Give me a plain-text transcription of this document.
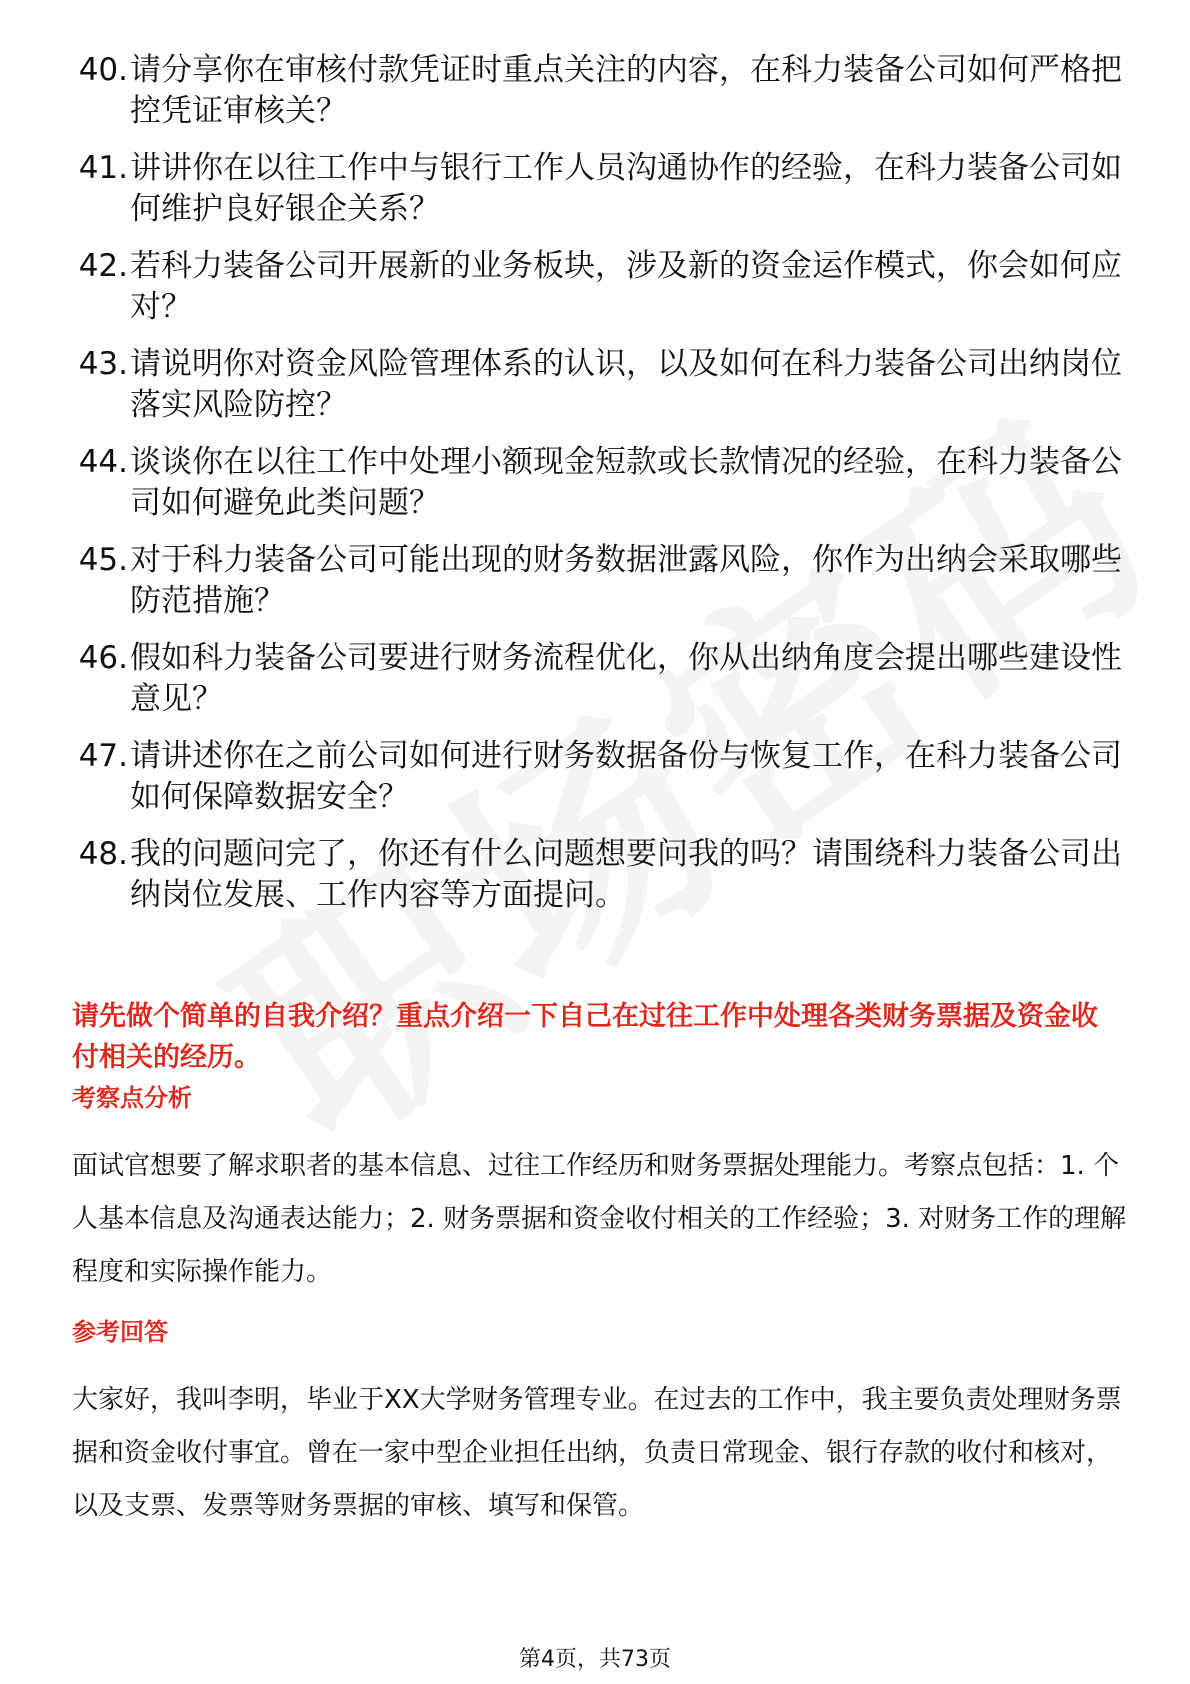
40. 请分享你在审核付款凭证时重点关注的内容，在科力装备公司如何严格把控凭证审核关？
41. 讲讲你在以往工作中与银行工作人员沟通协作的经验，在科力装备公司如何维护良好银企关系？
42. 若科力装备公司开展新的业务板块，涉及新的资金运作模式，你会如何应对？
43. 请说明你对资金风险管理体系的认识，以及如何在科力装备公司出纳岗位落实风险防控？
44. 谈谈你在以往工作中处理小额现金短款或长款情况的经验，在科力装备公司如何避免此类问题？
45. 对于科力装备公司可能出现的财务数据泄露风险，你作为出纳会采取哪些防范措施？
46. 假如科力装备公司要进行财务流程优化，你从出纳角度会提出哪些建设性意见？
47. 请讲述你在之前公司如何进行财务数据备份与恢复工作，在科力装备公司如何保障数据安全？
48. 我的问题问完了，你还有什么问题想要问我的吗？请围绕科力装备公司出纳岗位发展、工作内容等方面提问。
请先做个简单的自我介绍？重点介绍一下自己在过往工作中处理各类财务票据及资金收付相关的经历。
考察点分析
面试官想要了解求职者的基本信息、过往工作经历和财务票据处理能力。考察点包括：1. 个人基本信息及沟通表达能力；2. 财务票据和资金收付相关的工作经验；3. 对财务工作的理解程度和实际操作能力。
参考回答
大家好，我叫李明，毕业于XX大学财务管理专业。在过去的工作中，我主要负责处理财务票据和资金收付事宜。曾在一家中型企业担任出纳，负责日常现金、银行存款的收付和核对，以及支票、发票等财务票据的审核、填写和保管。
第4页，共73页
